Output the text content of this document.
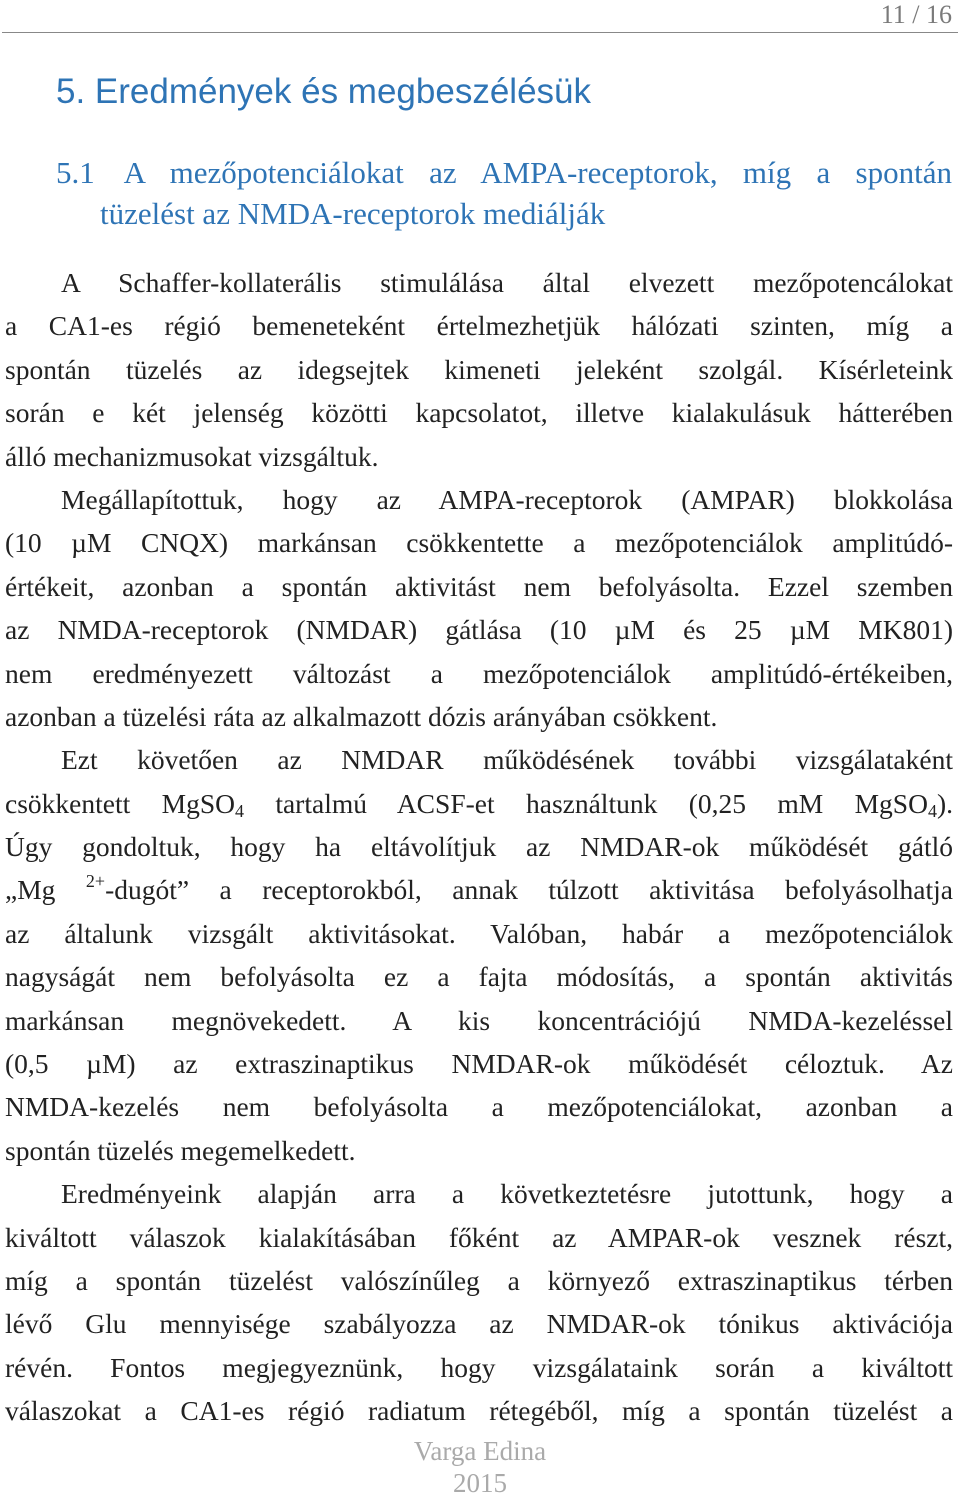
11 / 16
5. Eredmények és megbeszélésük
5.1 A mezőpotenciálokat az AMPA-receptorok, míg a spontán
tüzelést az NMDA-receptorok mediálják
A Schaffer-kollaterális stimulálása által elvezett mezőpotencálokat
a CA1-es régió bemeneteként értelmezhetjük hálózati szinten, míg a
spontán tüzelés az idegsejtek kimeneti jeleként szolgál. Kísérleteink
során e két jelenség közötti kapcsolatot, illetve kialakulásuk hátterében
álló mechanizmusokat vizsgáltuk.
Megállapítottuk, hogy az AMPA-receptorok (AMPAR) blokkolása
(10 µM CNQX) markánsan csökkentette a mezőpotenciálok amplitúdó-
értékeit, azonban a spontán aktivitást nem befolyásolta. Ezzel szemben
az NMDA-receptorok (NMDAR) gátlása (10 µM és 25 µM MK801)
nem eredményezett változást a mezőpotenciálok amplitúdó-értékeiben,
azonban a tüzelési ráta az alkalmazott dózis arányában csökkent.
Ezt követően az NMDAR működésének további vizsgálataként
csökkentett MgSO$_4$ tartalmú ACSF-et használtunk (0,25 mM MgSO$_4$).
Úgy gondoltuk, hogy ha eltávolítjuk az NMDAR-ok működését gátló
„Mg $^{2+}$-dugót” a receptorokból, annak túlzott aktivitása befolyásolhatja
az általunk vizsgált aktivitásokat. Valóban, habár a mezőpotenciálok
nagyságát nem befolyásolta ez a fajta módosítás, a spontán aktivitás
markánsan megnövekedett. A kis koncentrációjú NMDA-kezeléssel
(0,5 µM) az extraszinaptikus NMDAR-ok működését céloztuk. Az
NMDA-kezelés nem befolyásolta a mezőpotenciálokat, azonban a
spontán tüzelés megemelkedett.
Eredményeink alapján arra a következtetésre jutottunk, hogy a
kiváltott válaszok kialakításában főként az AMPAR-ok vesznek részt,
míg a spontán tüzelést valószínűleg a környező extraszinaptikus térben
lévő Glu mennyisége szabályozza az NMDAR-ok tónikus aktivációja
révén. Fontos megjegyeznünk, hogy vizsgálataink során a kiváltott
válaszokat a CA1-es régió radiatum rétegéből, míg a spontán tüzelést a
Varga Edina
2015
